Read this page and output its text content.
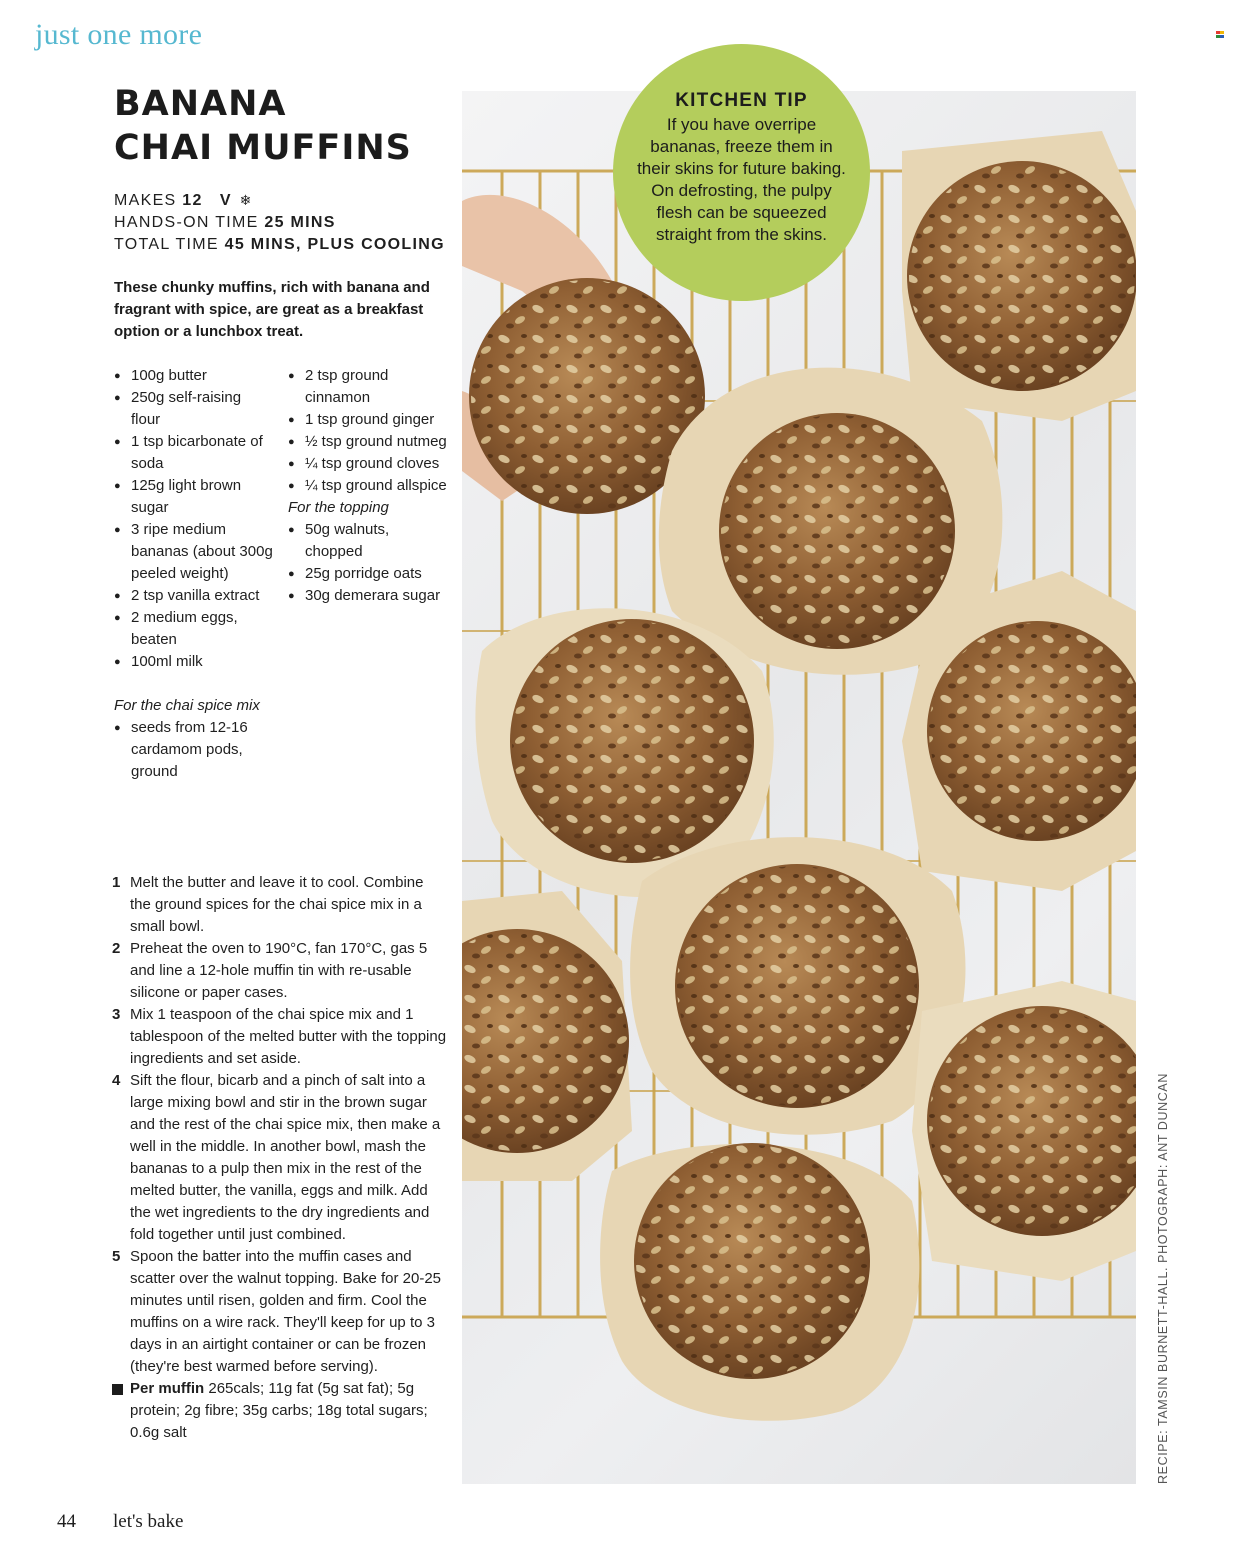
just one more
BANANA
CHAI MUFFINS
MAKES 12 V ❄
HANDS-ON TIME 25 MINS
TOTAL TIME 45 MINS, PLUS COOLING
These chunky muffins, rich with banana and fragrant with spice, are great as a breakfast option or a lunchbox treat.
● 100g butter
● 250g self-raising flour
● 1 tsp bicarbonate of soda
● 125g light brown sugar
● 3 ripe medium bananas (about 300g peeled weight)
● 2 tsp vanilla extract
● 2 medium eggs, beaten
● 100ml milk
For the chai spice mix
● seeds from 12-16 cardamom pods, ground
● 2 tsp ground cinnamon
● 1 tsp ground ginger
● ½ tsp ground nutmeg
● ¼ tsp ground cloves
● ¼ tsp ground allspice
For the topping
● 50g walnuts, chopped
● 25g porridge oats
● 30g demerara sugar
1 Melt the butter and leave it to cool. Combine the ground spices for the chai spice mix in a small bowl.
2 Preheat the oven to 190°C, fan 170°C, gas 5 and line a 12-hole muffin tin with re-usable silicone or paper cases.
3 Mix 1 teaspoon of the chai spice mix and 1 tablespoon of the melted butter with the topping ingredients and set aside.
4 Sift the flour, bicarb and a pinch of salt into a large mixing bowl and stir in the brown sugar and the rest of the chai spice mix, then make a well in the middle. In another bowl, mash the bananas to a pulp then mix in the rest of the melted butter, the vanilla, eggs and milk. Add the wet ingredients to the dry ingredients and fold together until just combined.
5 Spoon the batter into the muffin cases and scatter over the walnut topping. Bake for 20-25 minutes until risen, golden and firm. Cool the muffins on a wire rack. They'll keep for up to 3 days in an airtight container or can be frozen (they're best warmed before serving).
Per muffin 265cals; 11g fat (5g sat fat); 5g protein; 2g fibre; 35g carbs; 18g total sugars; 0.6g salt
KITCHEN TIP
If you have overripe bananas, freeze them in their skins for future baking. On defrosting, the pulpy flesh can be squeezed straight from the skins.
RECIPE: TAMSIN BURNETT-HALL. PHOTOGRAPH: ANT DUNCAN
44 let's bake
